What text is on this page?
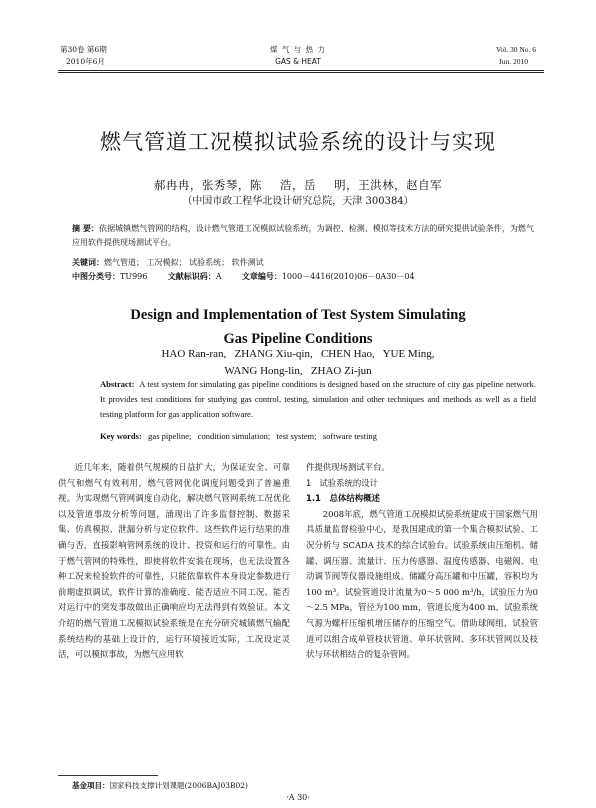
第30卷 第6期
2010年6月
煤 气 与 热 力
GAS & HEAT
Vol. 30 No. 6
Jun. 2010
燃气管道工况模拟试验系统的设计与实现
郝冉冉，张秀琴，陈 浩，岳 明，王洪林，赵自军
（中国市政工程华北设计研究总院，天津 300384）
摘 要：依据城镇燃气管网的结构，设计燃气管道工况模拟试验系统，为调控、检测、模拟等技术方法的研究提供试验条件，为燃气应用软件提供现场测试平台。
关键词：燃气管道； 工况模拟； 试验系统； 软件测试
中图分类号：TU996	文献标识码：A	文章编号：1000－4416(2010)06－0A30－04
Design and Implementation of Test System Simulating
Gas Pipeline Conditions
HAO Ran-ran,   ZHANG Xiu-qin,   CHEN Hao,   YUE Ming,
WANG Hong-lin,   ZHAO Zi-jun
Abstract: A test system for simulating gas pipeline conditions is designed based on the structure of city gas pipeline network. It provides test conditions for studying gas control, testing, simulation and other techniques and methods as well as a field testing platform for gas application software.
Key words: gas pipeline;   condition simulation;   test system;   software testing

近几年来，随着供气规模的日益扩大，为保证安全、可靠供气和燃气有效利用，燃气管网优化调度问题受到了普遍重视。为实现燃气管网调度自动化，解决燃气管网系统工况优化以及管道事故分析等问题，涌现出了许多监督控制、数据采集、仿真模拟、泄漏分析与定位软件。这些软件运行结果的准确与否，直接影响管网系统的设计、投资和运行的可靠性。由于燃气管网的特殊性，即使将软件安装在现场，也无法设置各种工况来检验软件的可靠性，只能依靠软件本身设定参数进行前期虚拟调试，软件计算的准确度、能否适应不同工况、能否对运行中的突发事故做出正确响应均无法得到有效验证。本文介绍的燃气管道工况模拟试验系统是在充分研究城镇燃气输配系统结构的基础上设计的，运行环境接近实际，工况设定灵活，可以模拟事故，为燃气应用软

件提供现场测试平台。
1   试验系统的设计
1.1   总体结构概述

2008年底，燃气管道工况模拟试验系统建成于国家燃气用具质量监督检验中心，是我国建成的第一个集合模拟试验、工况分析与 SCADA 技术的综合试验台。试验系统由压缩机、储罐、调压器、流量计、压力传感器、温度传感器、电磁阀、电动调节阀等仪器设施组成。储罐分高压罐和中压罐，容积均为100 m³。试验管道设计流量为0～5 000 m³/h，试验压力为0～2.5 MPa，管径为100 mm，管道长度为400 m，试验系统气源为螺杆压缩机增压储存的压缩空气。借助球阀组，试验管道可以组合成单管枝状管道、单环状管网、多环状管网以及枝状与环状相结合的复杂管网。

基金项目：国家科技支撑计划课题(2006BAJ03B02)
·A 30·
